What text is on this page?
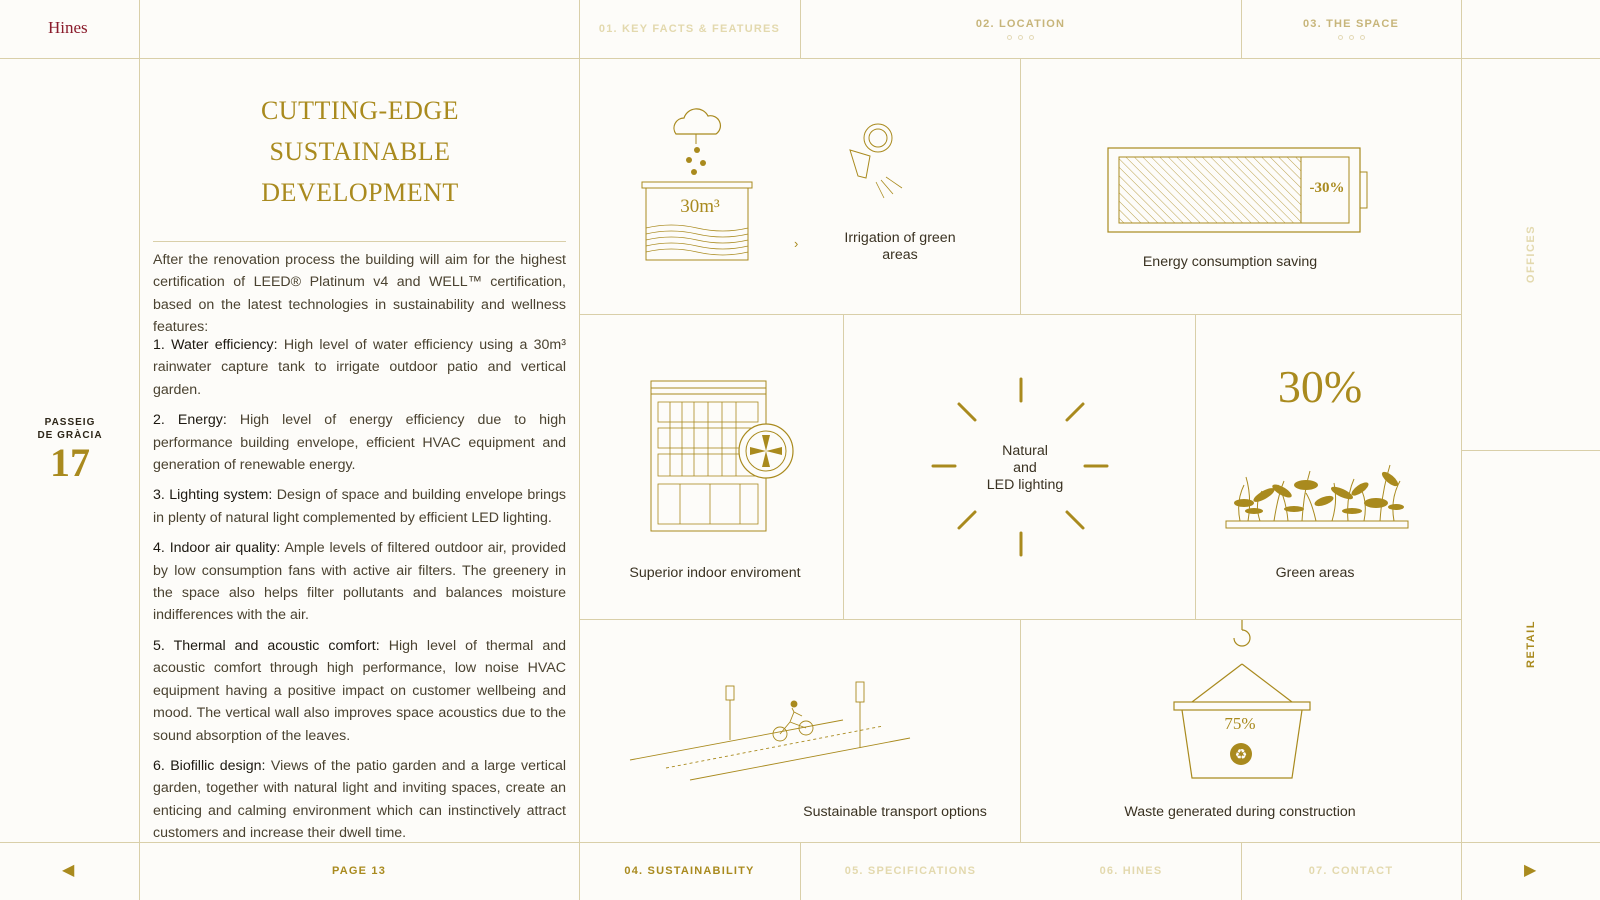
Hines	01. KEY FACTS & FEATURES	02. LOCATION	03. THE SPACE
PASSEIG
DE GRÀCIA
17
OFFICES
RETAIL
CUTTING-EDGE
SUSTAINABLE
DEVELOPMENT
After the renovation process the building will aim for the highest certification of LEED® Platinum v4 and WELL™ certification, based on the latest technologies in sustainability and wellness features:

1. Water efficiency: High level of water efficiency using a 30m³ rainwater capture tank to irrigate outdoor patio and vertical garden.

2. Energy: High level of energy efficiency due to high performance building envelope, efficient HVAC equipment and generation of renewable energy.

3. Lighting system: Design of space and building envelope brings in plenty of natural light complemented by efficient LED lighting.

4. Indoor air quality: Ample levels of filtered outdoor air, provided by low consumption fans with active air filters. The greenery in the space also helps filter pollutants and balances moisture indifferences with the air.

5. Thermal and acoustic comfort: High level of thermal and acoustic comfort through high performance, low noise HVAC equipment having a positive impact on customer wellbeing and mood. The vertical wall also improves space acoustics due to the sound absorption of the leaves.

6. Biofillic design: Views of the patio garden and a large vertical garden, together with natural light and inviting spaces, create an enticing and calming environment which can instinctively attract customers and increase their dwell time.

30m³
›	Irrigation of green areas
-30%
Energy consumption saving
Superior indoor enviroment
Natural
and
LED lighting
30%
Green areas
Sustainable transport options
75%
♻
Waste generated during construction
◀	PAGE 13	04. SUSTAINABILITY	05. SPECIFICATIONS	06. HINES	07. CONTACT	▶
